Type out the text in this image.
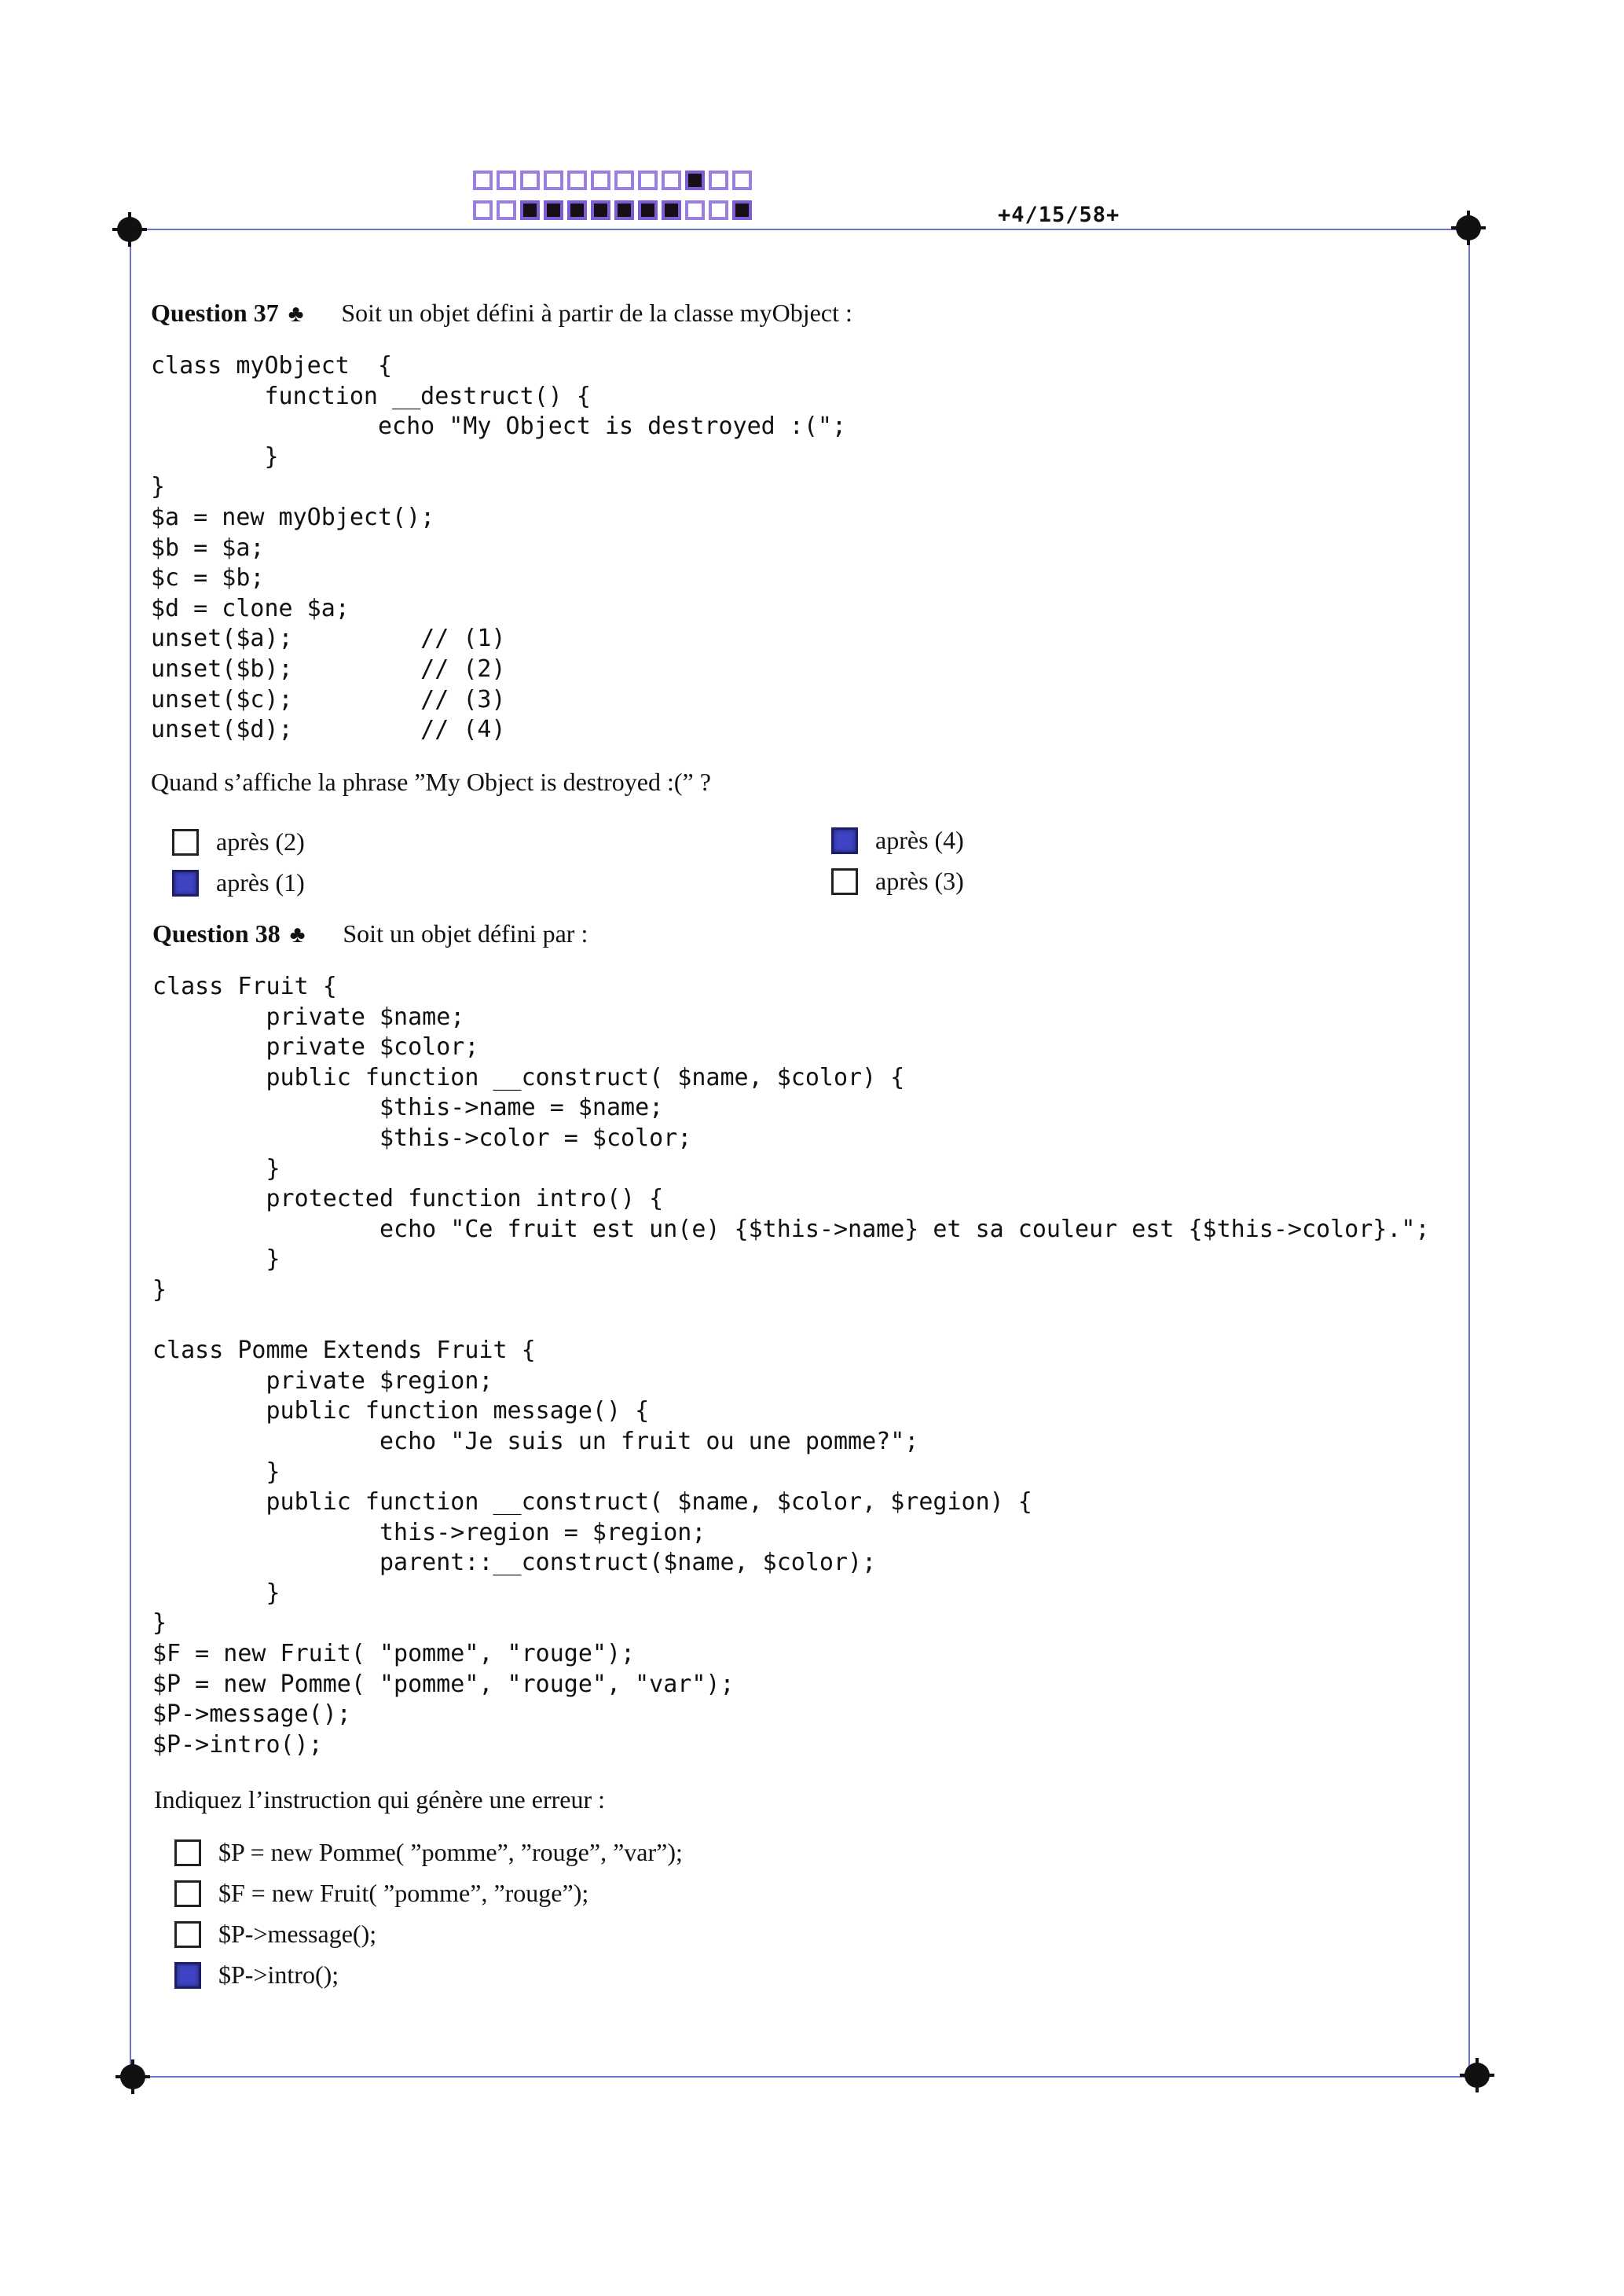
+4/15/58+
Question 37 ♣ Soit un objet défini à partir de la classe myObject :
class myObject  {
function __destruct() {
echo "My Object is destroyed :(";
}
}
$a = new myObject();
$b = $a;
$c = $b;
$d = clone $a;
unset($a);         // (1)
unset($b);         // (2)
unset($c);         // (3)
unset($d);         // (4)
Quand s’affiche la phrase ”My Object is destroyed :(” ?
après (2)
après (1)
après (4)
après (3)
Question 38 ♣ Soit un objet défini par :
class Fruit {
private $name;
private $color;
public function __construct( $name, $color) {
$this->name = $name;
$this->color = $color;
}
protected function intro() {
echo "Ce fruit est un(e) {$this->name} et sa couleur est {$this->color}.";
}
}

class Pomme Extends Fruit {
private $region;
public function message() {
echo "Je suis un fruit ou une pomme?";
}
public function __construct( $name, $color, $region) {
this->region = $region;
parent::__construct($name, $color);
}
}
$F = new Fruit( "pomme", "rouge");
$P = new Pomme( "pomme", "rouge", "var");
$P->message();
$P->intro();
Indiquez l’instruction qui génère une erreur :
$P = new Pomme( ”pomme”, ”rouge”, ”var”);
$F = new Fruit( ”pomme”, ”rouge”);
$P->message();
$P->intro();
